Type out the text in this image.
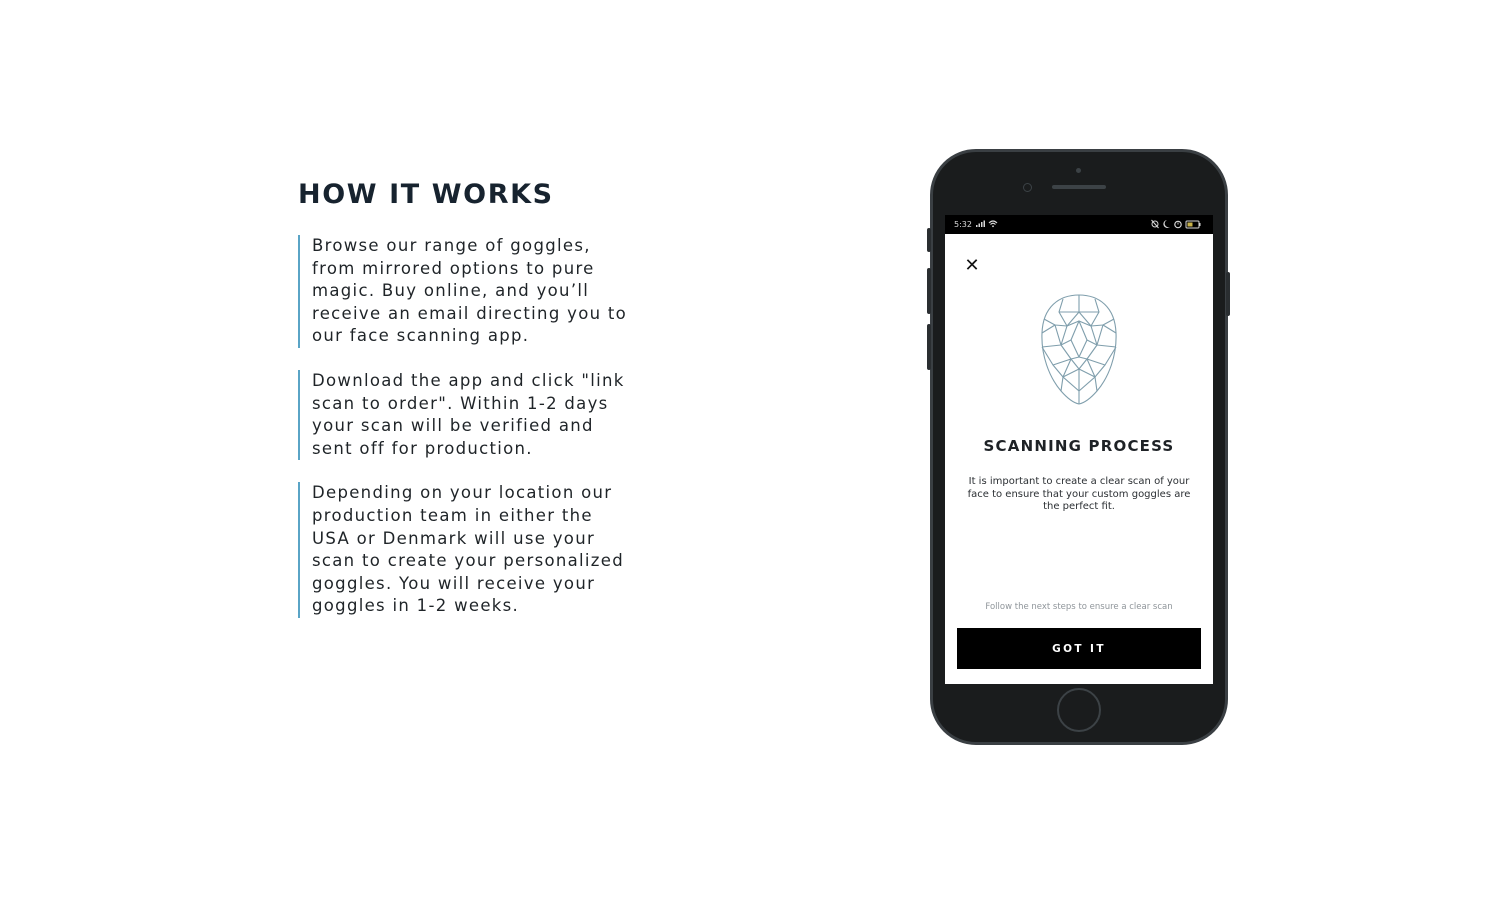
HOW IT WORKS
Browse our range of goggles,
from mirrored options to pure
magic. Buy online, and you’ll
receive an email directing you to
our face scanning app.
Download the app and click "link
scan to order". Within 1-2 days
your scan will be verified and
sent off for production.
Depending on your location our
production team in either the
USA or Denmark will use your
scan to create your personalized
goggles. You will receive your
goggles in 1-2 weeks.
5:32
✕
SCANNING PROCESS
It is important to create a clear scan of your face to ensure that your custom goggles are the perfect fit.
Follow the next steps to ensure a clear scan
GOT IT
